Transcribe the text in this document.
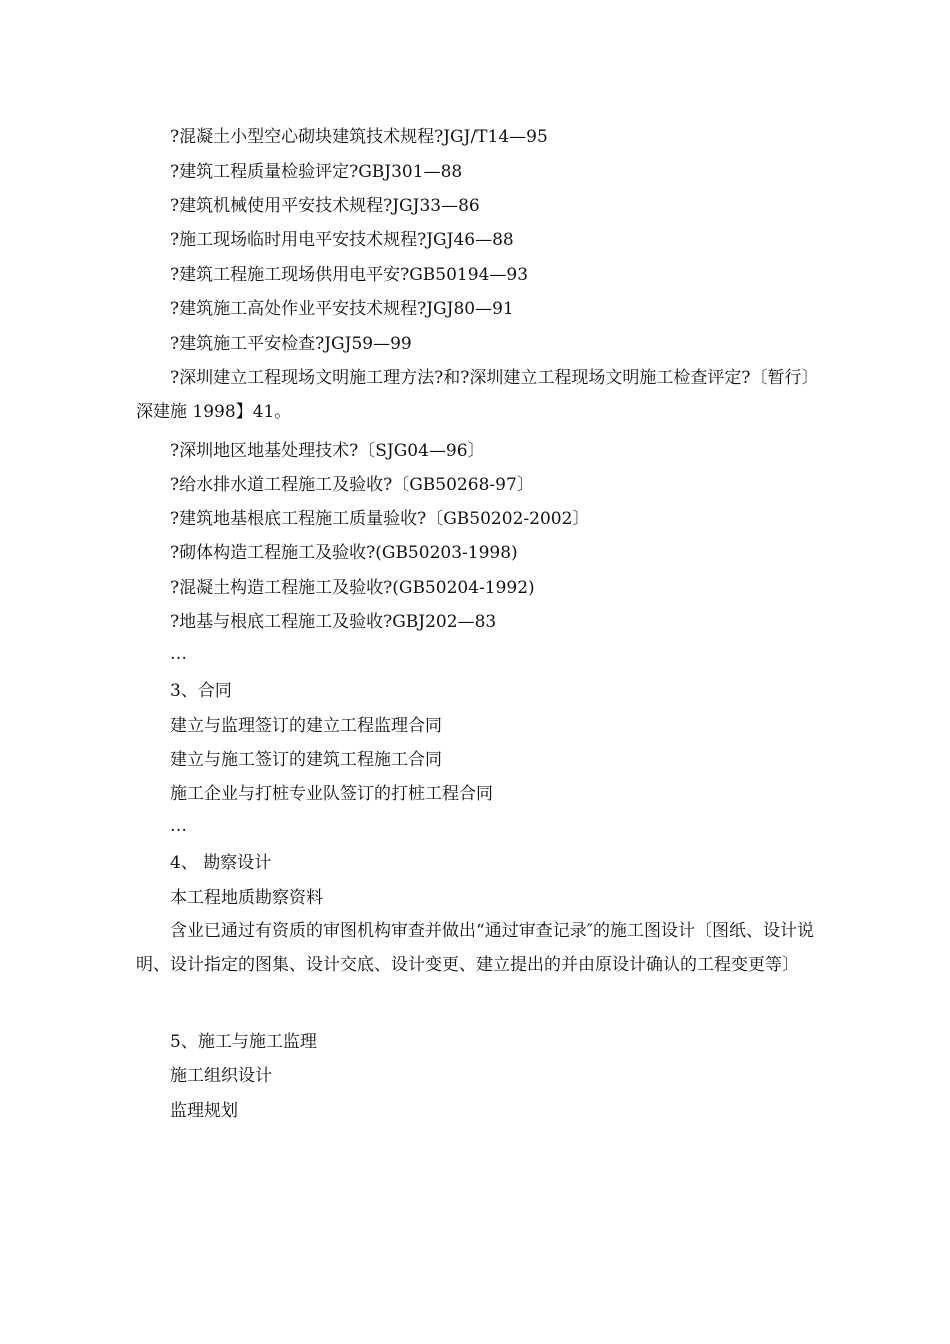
?混凝土小型空心砌块建筑技术规程?JGJ/T14—95
?建筑工程质量检验评定?GBJ301—88
?建筑机械使用平安技术规程?JGJ33—86
?施工现场临时用电平安技术规程?JGJ46—88
?建筑工程施工现场供用电平安?GB50194—93
?建筑施工高处作业平安技术规程?JGJ80—91
?建筑施工平安检查?JGJ59—99
?深圳建立工程现场文明施工理方法?和?深圳建立工程现场文明施工检查评定?〔暂行〕 深建施 1998】41。
?深圳地区地基处理技术?〔SJG04—96〕
?给水排水道工程施工及验收?〔GB50268-97〕
?建筑地基根底工程施工质量验收?〔GB50202-2002〕
?砌体构造工程施工及验收?(GB50203-1998)
?混凝土构造工程施工及验收?(GB50204-1992)
?地基与根底工程施工及验收?GBJ202—83
…
3、合同
建立与监理签订的建立工程监理合同
建立与施工签订的建筑工程施工合同
施工企业与打桩专业队签订的打桩工程合同
…
4、 勘察设计
本工程地质勘察资料
含业已通过有资质的审图机构审查并做出“通过审查记录″的施工图设计〔图纸、设计说明、设计指定的图集、设计交底、设计变更、建立提出的并由原设计确认的工程变更等〕
5、施工与施工监理
施工组织设计
监理规划
